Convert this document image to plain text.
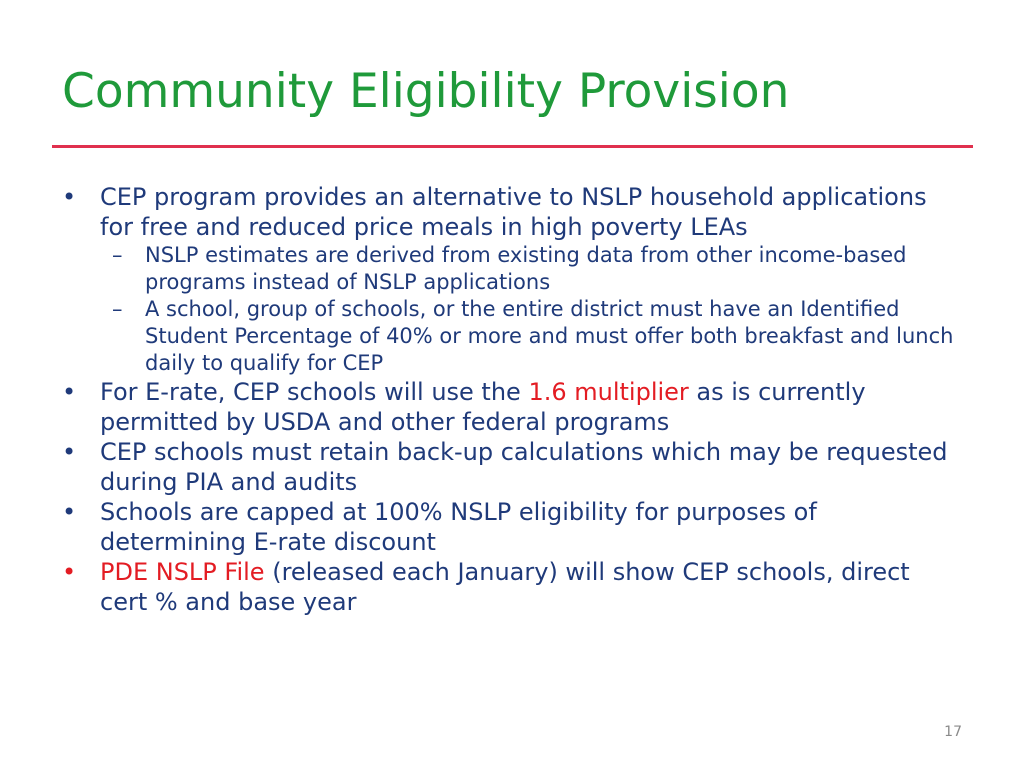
Community Eligibility Provision
• CEP program provides an alternative to NSLP household applications for free and reduced price meals in high poverty LEAs
– NSLP estimates are derived from existing data from other income-based programs instead of NSLP applications
– A school, group of schools, or the entire district must have an Identified Student Percentage of 40% or more and must offer both breakfast and lunch daily to qualify for CEP
• For E-rate, CEP schools will use the 1.6 multiplier as is currently permitted by USDA and other federal programs
• CEP schools must retain back-up calculations which may be requested during PIA and audits
• Schools are capped at 100% NSLP eligibility for purposes of determining E-rate discount
• PDE NSLP File (released each January) will show CEP schools, direct cert % and base year
17
